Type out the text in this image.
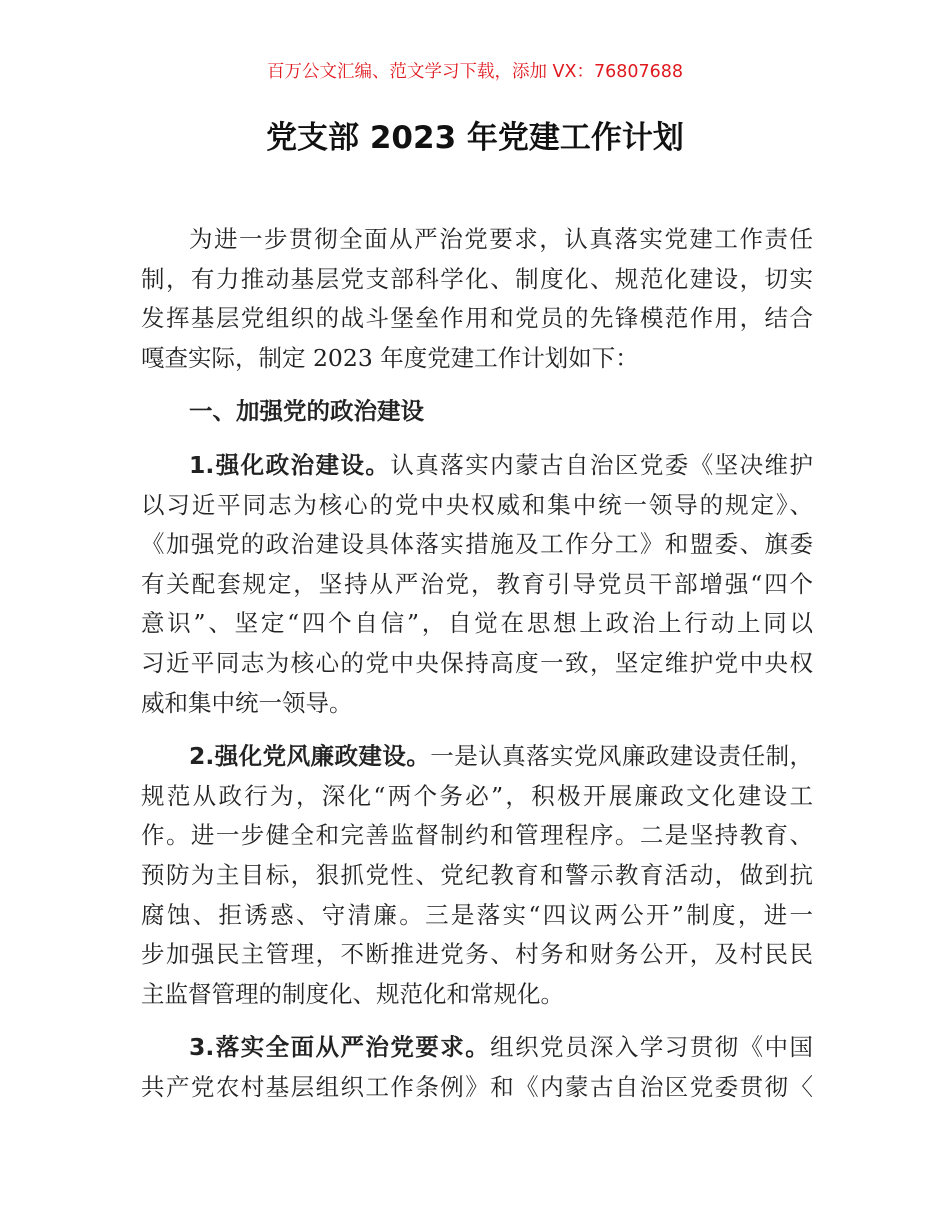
百万公文汇编、范文学习下载，添加 VX：76807688
党支部 2023 年党建工作计划
为进一步贯彻全面从严治党要求，认真落实党建工作责任
制，有力推动基层党支部科学化、制度化、规范化建设，切实
发挥基层党组织的战斗堡垒作用和党员的先锋模范作用，结合
嘎查实际，制定 2023 年度党建工作计划如下：
一、加强党的政治建设
1.强化政治建设。认真落实内蒙古自治区党委《坚决维护
以习近平同志为核心的党中央权威和集中统一领导的规定》、
《加强党的政治建设具体落实措施及工作分工》和盟委、旗委
有关配套规定，坚持从严治党，教育引导党员干部增强“四个
意识”、坚定“四个自信”，自觉在思想上政治上行动上同以
习近平同志为核心的党中央保持高度一致，坚定维护党中央权
威和集中统一领导。
2.强化党风廉政建设。一是认真落实党风廉政建设责任制，
规范从政行为，深化“两个务必”，积极开展廉政文化建设工
作。进一步健全和完善监督制约和管理程序。二是坚持教育、
预防为主目标，狠抓党性、党纪教育和警示教育活动，做到抗
腐蚀、拒诱惑、守清廉。三是落实“四议两公开”制度，进一
步加强民主管理，不断推进党务、村务和财务公开，及村民民
主监督管理的制度化、规范化和常规化。
3.落实全面从严治党要求。组织党员深入学习贯彻《中国
共产党农村基层组织工作条例》和《内蒙古自治区党委贯彻〈
